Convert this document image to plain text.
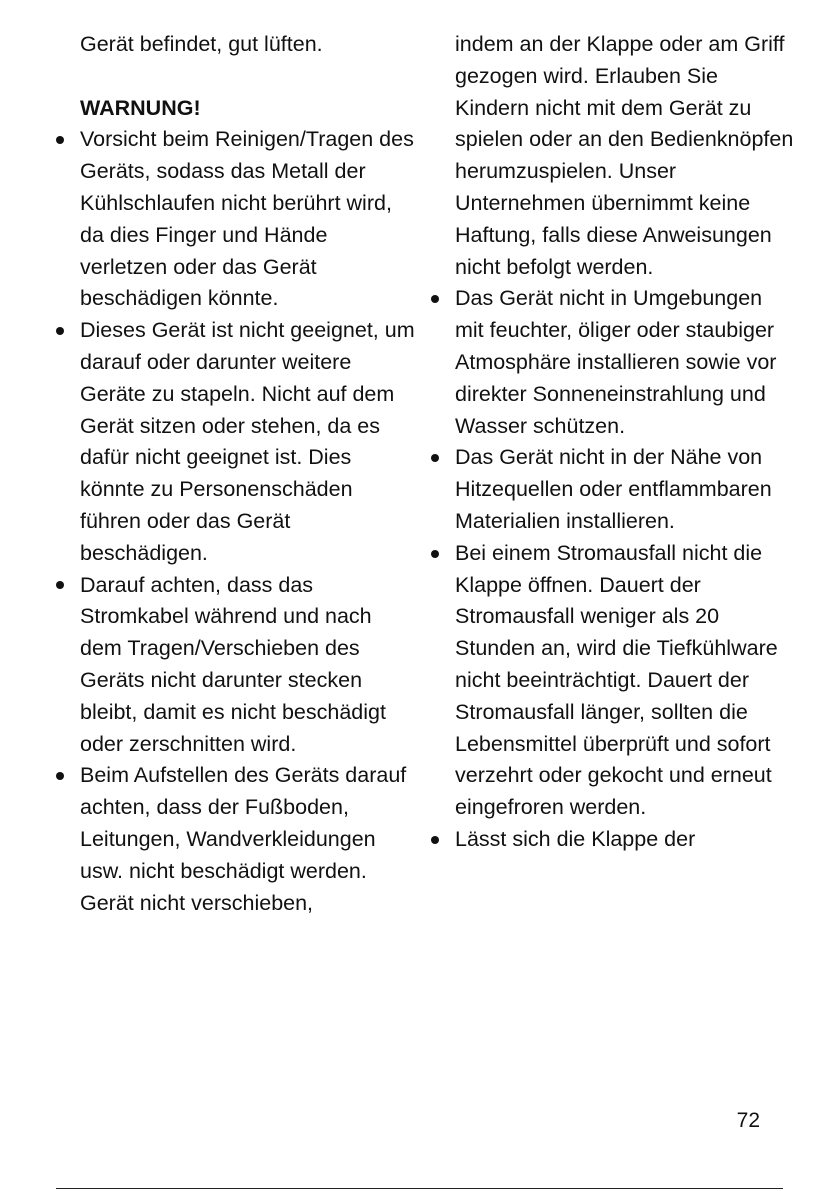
Gerät befindet, gut lüften.
WARNUNG!
Vorsicht beim Reinigen/Tragen des Geräts, sodass das Metall der Kühlschlaufen nicht berührt wird, da dies Finger und Hände verletzen oder das Gerät beschädigen könnte.
Dieses Gerät ist nicht geeignet, um darauf oder darunter weitere Geräte zu stapeln. Nicht auf dem Gerät sitzen oder stehen, da es dafür nicht geeignet ist. Dies könnte zu Personenschäden führen oder das Gerät beschädigen.
Darauf achten, dass das Stromkabel während und nach dem Tragen/Verschieben des Geräts nicht darunter stecken bleibt, damit es nicht beschädigt oder zerschnitten wird.
Beim Aufstellen des Geräts darauf achten, dass der Fußboden, Leitungen, Wandverkleidungen usw. nicht beschädigt werden. Gerät nicht verschieben,
indem an der Klappe oder am Griff gezogen wird. Erlauben Sie Kindern nicht mit dem Gerät zu spielen oder an den Bedienknöpfen herumzuspielen. Unser Unternehmen übernimmt keine Haftung, falls diese Anweisungen nicht befolgt werden.
Das Gerät nicht in Umgebungen mit feuchter, öliger oder staubiger Atmosphäre installieren sowie vor direkter Sonneneinstrahlung und Wasser schützen.
Das Gerät nicht in der Nähe von Hitzequellen oder entflammbaren Materialien installieren.
Bei einem Stromausfall nicht die Klappe öffnen. Dauert der Stromausfall weniger als 20 Stunden an, wird die Tiefkühlware nicht beeinträchtigt. Dauert der Stromausfall länger, sollten die Lebensmittel überprüft und sofort verzehrt oder gekocht und erneut eingefroren werden.
Lässt sich die Klappe der
72
